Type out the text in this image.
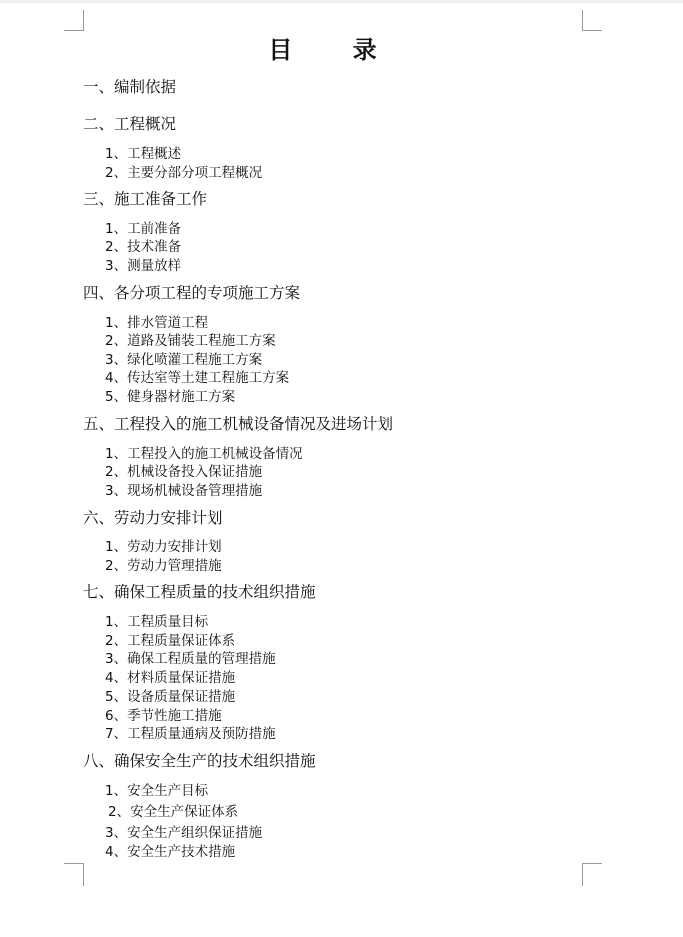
目 录
一、编制依据
二、工程概况
1、工程概述
2、主要分部分项工程概况
三、施工准备工作
1、工前准备
2、技术准备
3、测量放样
四、各分项工程的专项施工方案
1、排水管道工程
2、道路及铺装工程施工方案
3、绿化喷灌工程施工方案
4、传达室等土建工程施工方案
5、健身器材施工方案
五、工程投入的施工机械设备情况及进场计划
1、工程投入的施工机械设备情况
2、机械设备投入保证措施
3、现场机械设备管理措施
六、劳动力安排计划
1、劳动力安排计划
2、劳动力管理措施
七、确保工程质量的技术组织措施
1、工程质量目标
2、工程质量保证体系
3、确保工程质量的管理措施
4、材料质量保证措施
5、设备质量保证措施
6、季节性施工措施
7、工程质量通病及预防措施
八、确保安全生产的技术组织措施
1、安全生产目标
2、安全生产保证体系
3、安全生产组织保证措施
4、安全生产技术措施
